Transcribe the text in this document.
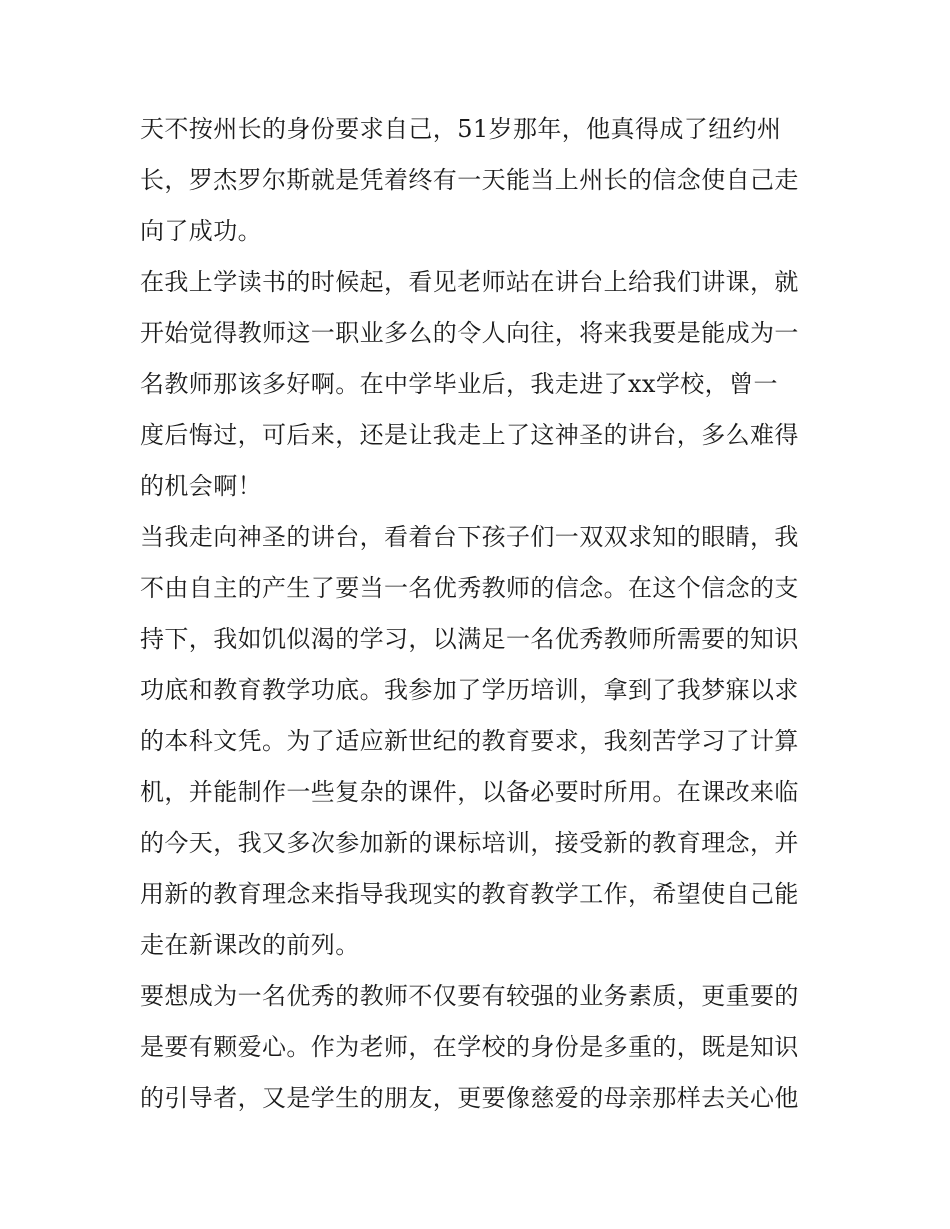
天不按州长的身份要求自己，51岁那年，他真得成了纽约州
长，罗杰罗尔斯就是凭着终有一天能当上州长的信念使自己走
向了成功。
在我上学读书的时候起，看见老师站在讲台上给我们讲课，就
开始觉得教师这一职业多么的令人向往，将来我要是能成为一
名教师那该多好啊。在中学毕业后，我走进了xx学校，曾一
度后悔过，可后来，还是让我走上了这神圣的讲台，多么难得
的机会啊！
当我走向神圣的讲台，看着台下孩子们一双双求知的眼睛，我
不由自主的产生了要当一名优秀教师的信念。在这个信念的支
持下，我如饥似渴的学习，以满足一名优秀教师所需要的知识
功底和教育教学功底。我参加了学历培训，拿到了我梦寐以求
的本科文凭。为了适应新世纪的教育要求，我刻苦学习了计算
机，并能制作一些复杂的课件，以备必要时所用。在课改来临
的今天，我又多次参加新的课标培训，接受新的教育理念，并
用新的教育理念来指导我现实的教育教学工作，希望使自己能
走在新课改的前列。
要想成为一名优秀的教师不仅要有较强的业务素质，更重要的
是要有颗爱心。作为老师，在学校的身份是多重的，既是知识
的引导者，又是学生的朋友，更要像慈爱的母亲那样去关心他
